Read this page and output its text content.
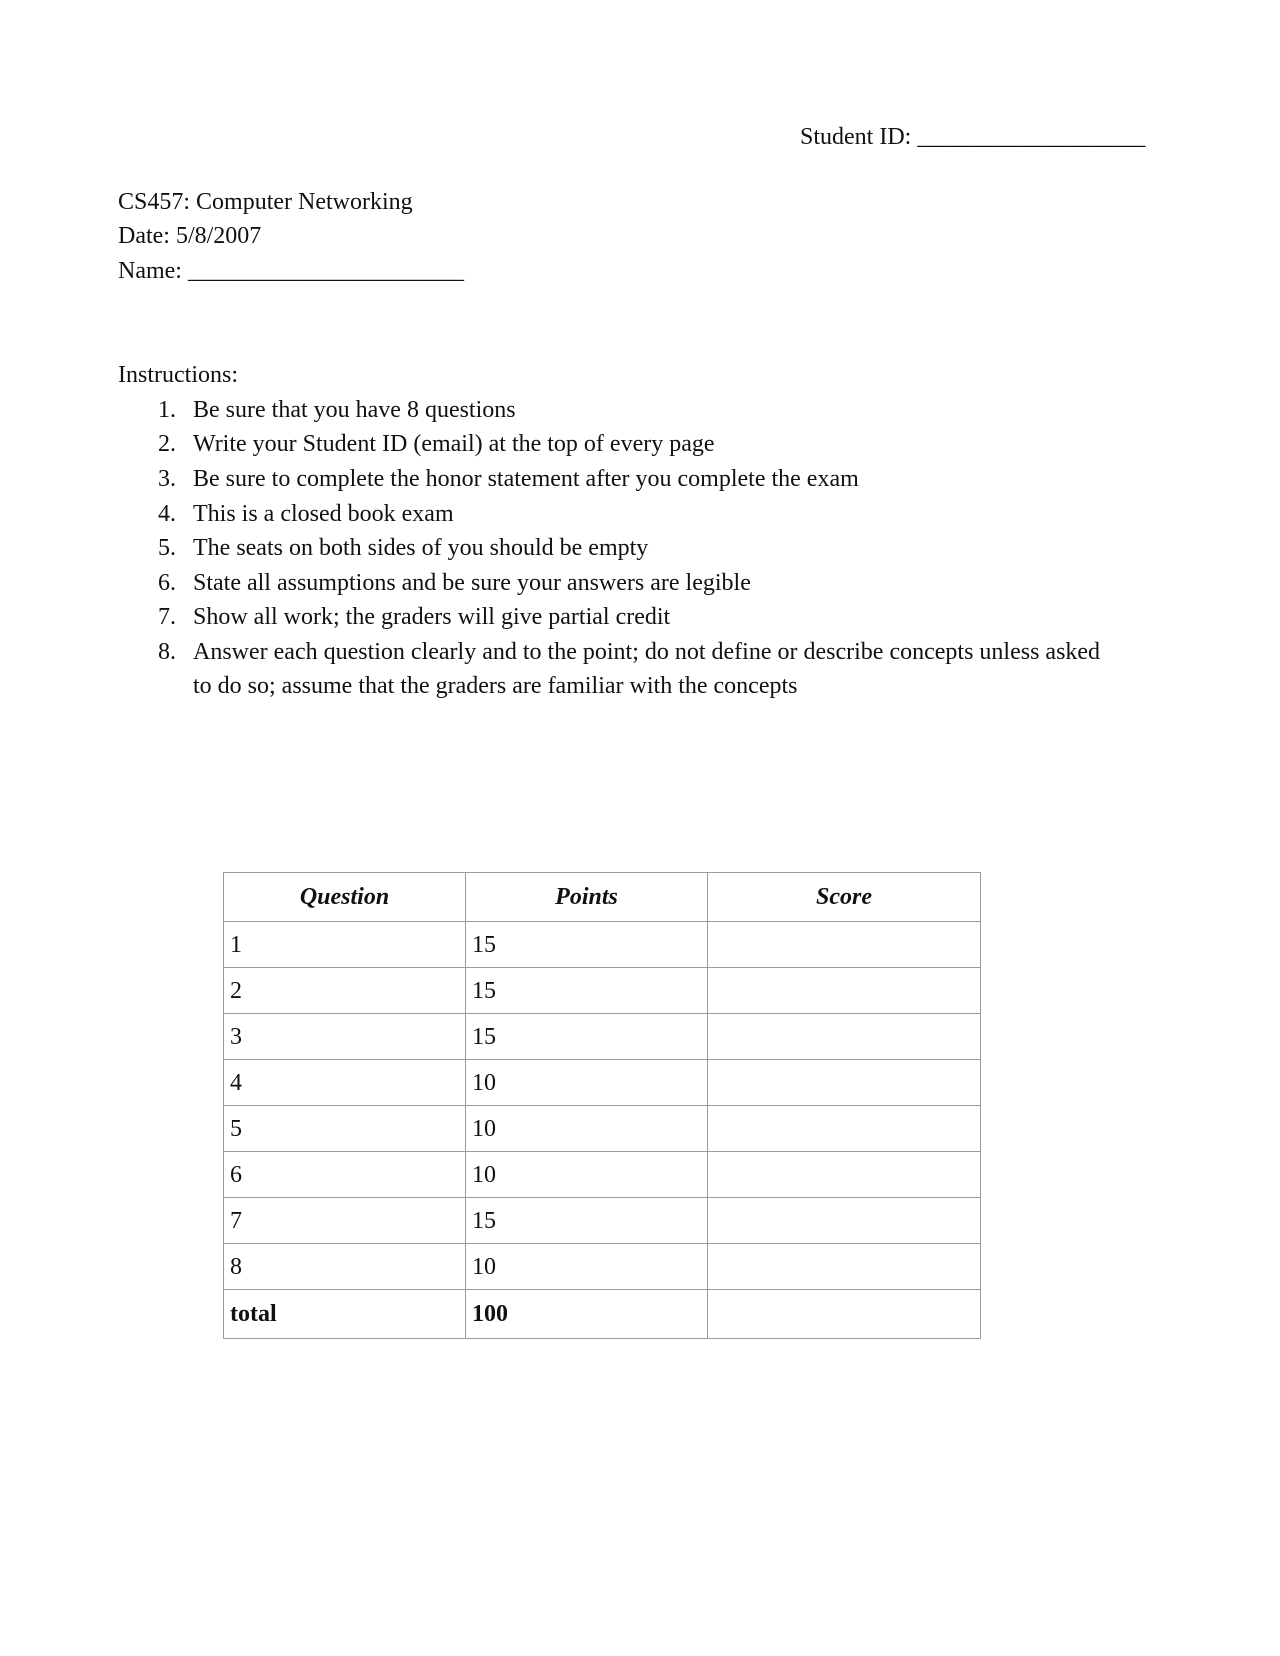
Student ID: ___________________
CS457: Computer Networking
Date: 5/8/2007
Name: _______________________
Instructions:
1. Be sure that you have 8 questions
2. Write your Student ID (email) at the top of every page
3. Be sure to complete the honor statement after you complete the exam
4. This is a closed book exam
5. The seats on both sides of you should be empty
6. State all assumptions and be sure your answers are legible
7. Show all work; the graders will give partial credit
8. Answer each question clearly and to the point; do not define or describe concepts unless asked
to do so; assume that the graders are familiar with the concepts
Question	Points	Score
1	15	
2	15	
3	15	
4	10	
5	10	
6	10	
7	15	
8	10	
total	100	
